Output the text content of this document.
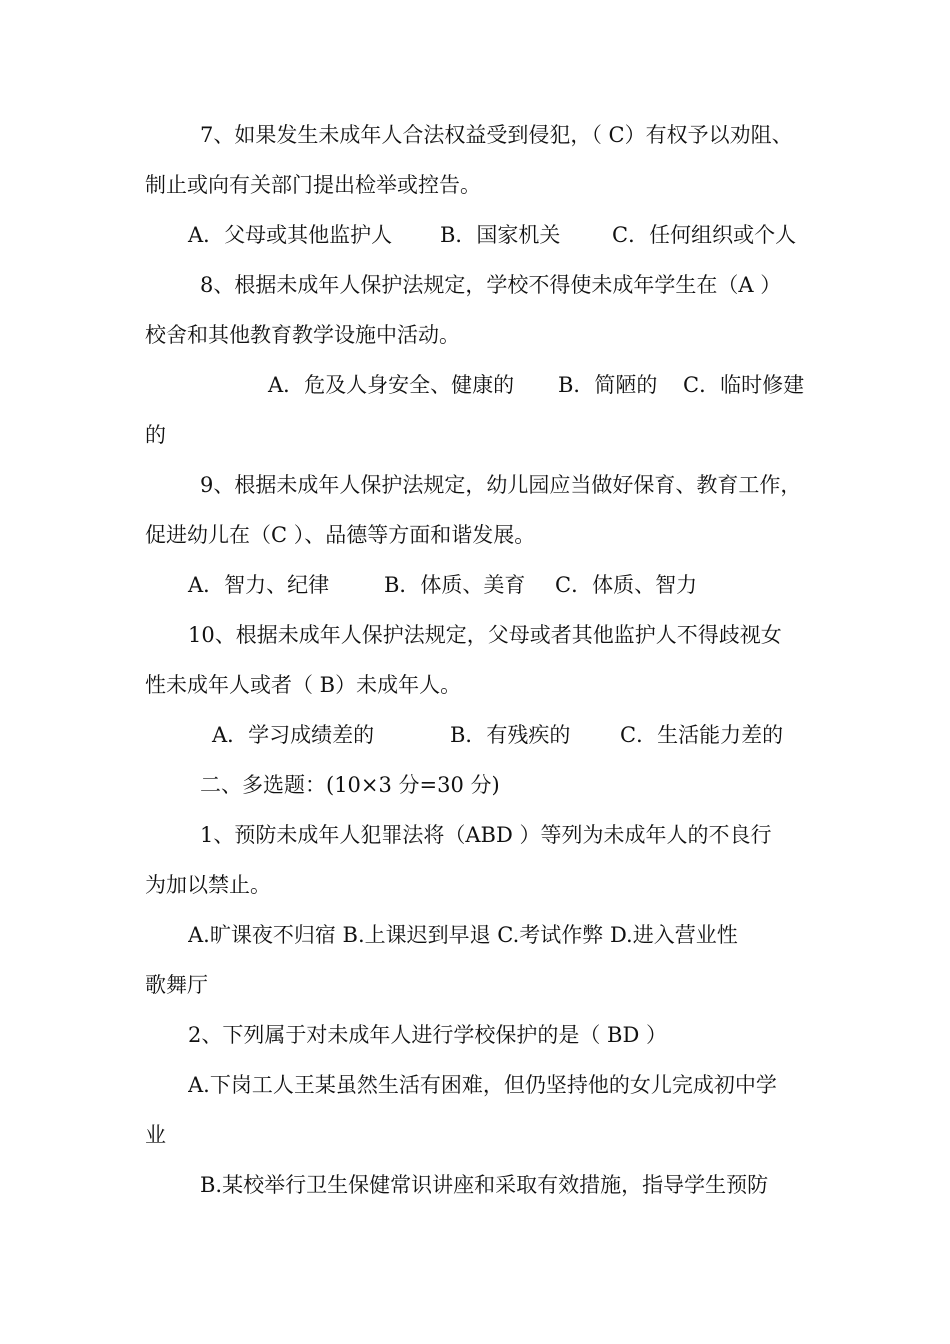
7、如果发生未成年人合法权益受到侵犯，（ C）有权予以劝阻、
制止或向有关部门提出检举或控告。
A．父母或其他监护人 B．国家机关 C．任何组织或个人
8、根据未成年人保护法规定，学校不得使未成年学生在（A ）
校舍和其他教育教学设施中活动。
A．危及人身安全、健康的 B．简陋的 C．临时修建
的
9、根据未成年人保护法规定，幼儿园应当做好保育、教育工作，
促进幼儿在（C ）、品德等方面和谐发展。
A．智力、纪律	B．体质、美育 C．体质、智力
10、根据未成年人保护法规定，父母或者其他监护人不得歧视女
性未成年人或者（ B）未成年人。
A．学习成绩差的	B．有残疾的 C．生活能力差的
二、多选题：(10×3 分=30 分)
1、预防未成年人犯罪法将（ABD ）等列为未成年人的不良行
为加以禁止。
A.旷课夜不归宿 B.上课迟到早退 C.考试作弊 D.进入营业性
歌舞厅
2、下列属于对未成年人进行学校保护的是（ BD ）
A.下岗工人王某虽然生活有困难，但仍坚持他的女儿完成初中学
业
B.某校举行卫生保健常识讲座和采取有效措施，指导学生预防
